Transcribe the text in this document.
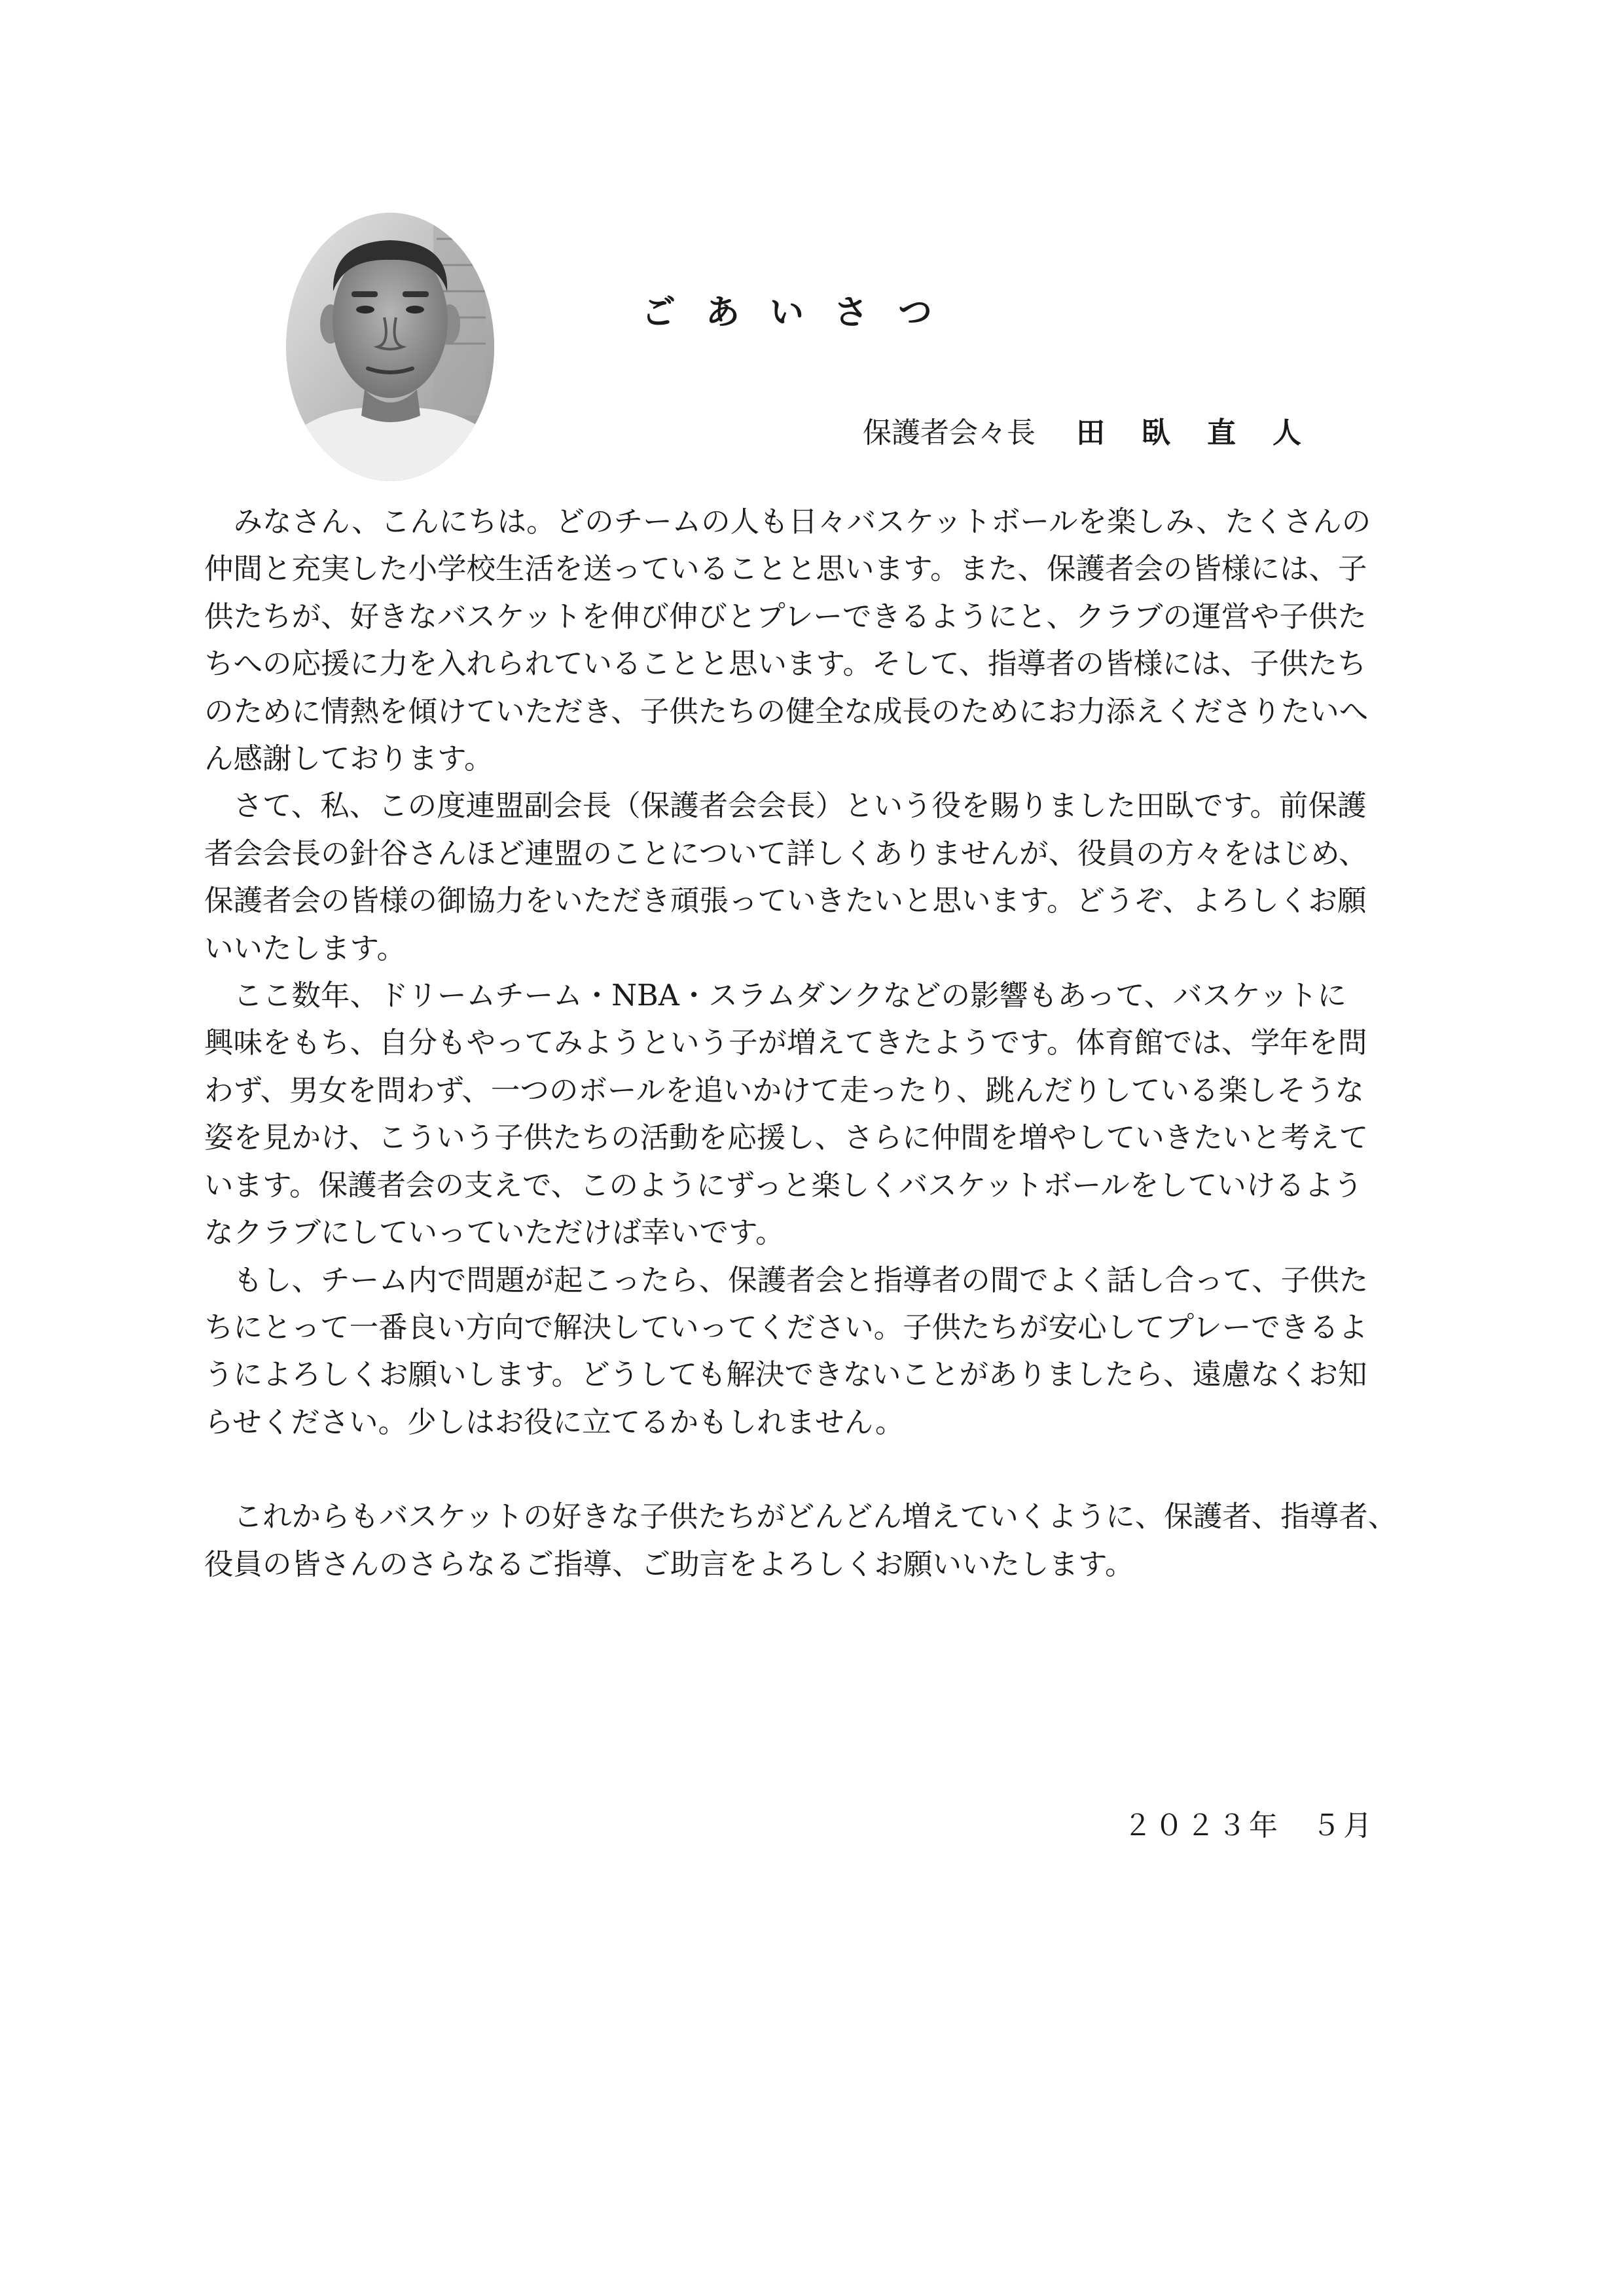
ごあいさつ
保護者会々長 田臥直人

みなさん、こんにちは。どのチームの人も日々バスケットボールを楽しみ、たくさんの
仲間と充実した小学校生活を送っていることと思います。また、保護者会の皆様には、子
供たちが、好きなバスケットを伸び伸びとプレーできるようにと、クラブの運営や子供た
ちへの応援に力を入れられていることと思います。そして、指導者の皆様には、子供たち
のために情熱を傾けていただき、子供たちの健全な成長のためにお力添えくださりたいへ
ん感謝しております。

さて、私、この度連盟副会長（保護者会会長）という役を賜りました田臥です。前保護
者会会長の針谷さんほど連盟のことについて詳しくありませんが、役員の方々をはじめ、
保護者会の皆様の御協力をいただき頑張っていきたいと思います。どうぞ、よろしくお願
いいたします。

ここ数年、ドリームチーム・NBA・スラムダンクなどの影響もあって、バスケットに
興味をもち、自分もやってみようという子が増えてきたようです。体育館では、学年を問
わず、男女を問わず、一つのボールを追いかけて走ったり、跳んだりしている楽しそうな
姿を見かけ、こういう子供たちの活動を応援し、さらに仲間を増やしていきたいと考えて
います。保護者会の支えで、このようにずっと楽しくバスケットボールをしていけるよう
なクラブにしていっていただけば幸いです。

もし、チーム内で問題が起こったら、保護者会と指導者の間でよく話し合って、子供た
ちにとって一番良い方向で解決していってください。子供たちが安心してプレーできるよ
うによろしくお願いします。どうしても解決できないことがありましたら、遠慮なくお知
らせください。少しはお役に立てるかもしれません。

これからもバスケットの好きな子供たちがどんどん増えていくように、保護者、指導者、
役員の皆さんのさらなるご指導、ご助言をよろしくお願いいたします。

２０２３年　５月
